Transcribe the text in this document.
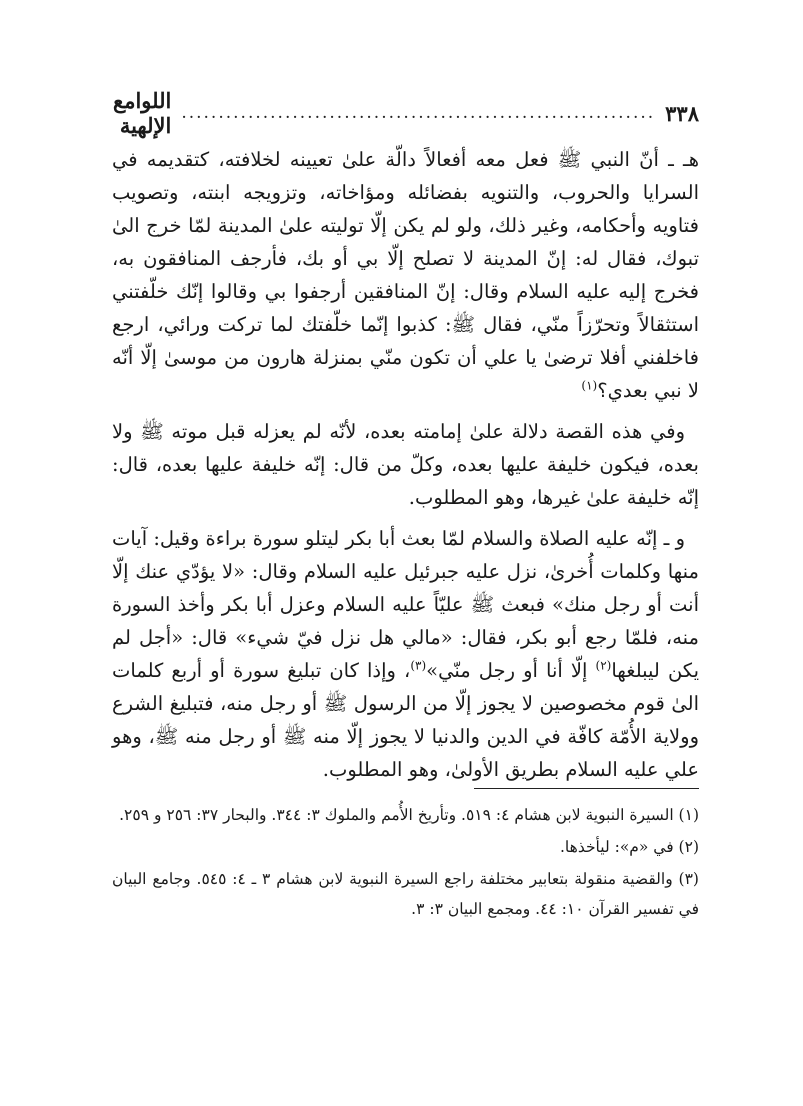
٣٣٨
................................................................
اللوامع الإلهية

هـ ـ أنّ النبي ﷺ فعل معه أفعالاً دالّة علىٰ تعيينه لخلافته، كتقديمه في السرايا والحروب، والتنويه بفضائله ومؤاخاته، وتزويجه ابنته، وتصويب فتاويه وأحكامه، وغير ذلك، ولو لم يكن إلّا توليته علىٰ المدينة لمّا خرج الىٰ تبوك، فقال له: إنّ المدينة لا تصلح إلّا بي أو بك، فأرجف المنافقون به، فخرج إليه عليه السلام وقال: إنّ المنافقين أرجفوا بي وقالوا إنّك خلّفتني استثقالاً وتحرّزاً منّي، فقال ﷺ: كذبوا إنّما خلّفتك لما تركت ورائي، ارجع فاخلفني أفلا ترضىٰ يا علي أن تكون منّي بمنزلة هارون من موسىٰ إلّا أنّه لا نبي بعدي؟$^{(١)}$

وفي هذه القصة دلالة علىٰ إمامته بعده، لأنّه لم يعزله قبل موته ﷺ ولا بعده، فيكون خليفة عليها بعده، وكلّ من قال: إنّه خليفة عليها بعده، قال: إنّه خليفة علىٰ غيرها، وهو المطلوب.

و ـ إنّه عليه الصلاة والسلام لمّا بعث أبا بكر ليتلو سورة براءة وقيل: آيات منها وكلمات أُخرىٰ، نزل عليه جبرئيل عليه السلام وقال: «لا يؤدّي عنك إلّا أنت أو رجل منك» فبعث ﷺ عليّاً عليه السلام وعزل أبا بكر وأخذ السورة منه، فلمّا رجع أبو بكر، فقال: «مالي هل نزل فيّ شيء» قال: «أجل لم يكن ليبلغها$^{(٢)}$ إلّا أنا أو رجل منّي»$^{(٣)}$، وإذا كان تبليغ سورة أو أربع كلمات الىٰ قوم مخصوصين لا يجوز إلّا من الرسول ﷺ أو رجل منه، فتبليغ الشرع وولاية الأُمّة كافّة في الدين والدنيا لا يجوز إلّا منه ﷺ أو رجل منه ﷺ، وهو علي عليه السلام بطريق الأولىٰ، وهو المطلوب.

(١) السيرة النبوية لابن هشام ٤: ٥١٩. وتأريخ الأُمم والملوك ٣: ٣٤٤. والبحار ٣٧: ٢٥٦ و ٢٥٩.

(٢) في «م»: ليأخذها.

(٣) والقضية منقولة بتعابير مختلفة راجع السيرة النبوية لابن هشام ٣ ـ ٤: ٥٤٥. وجامع البيان في تفسير القرآن ١٠: ٤٤. ومجمع البيان ٣: ٣.
